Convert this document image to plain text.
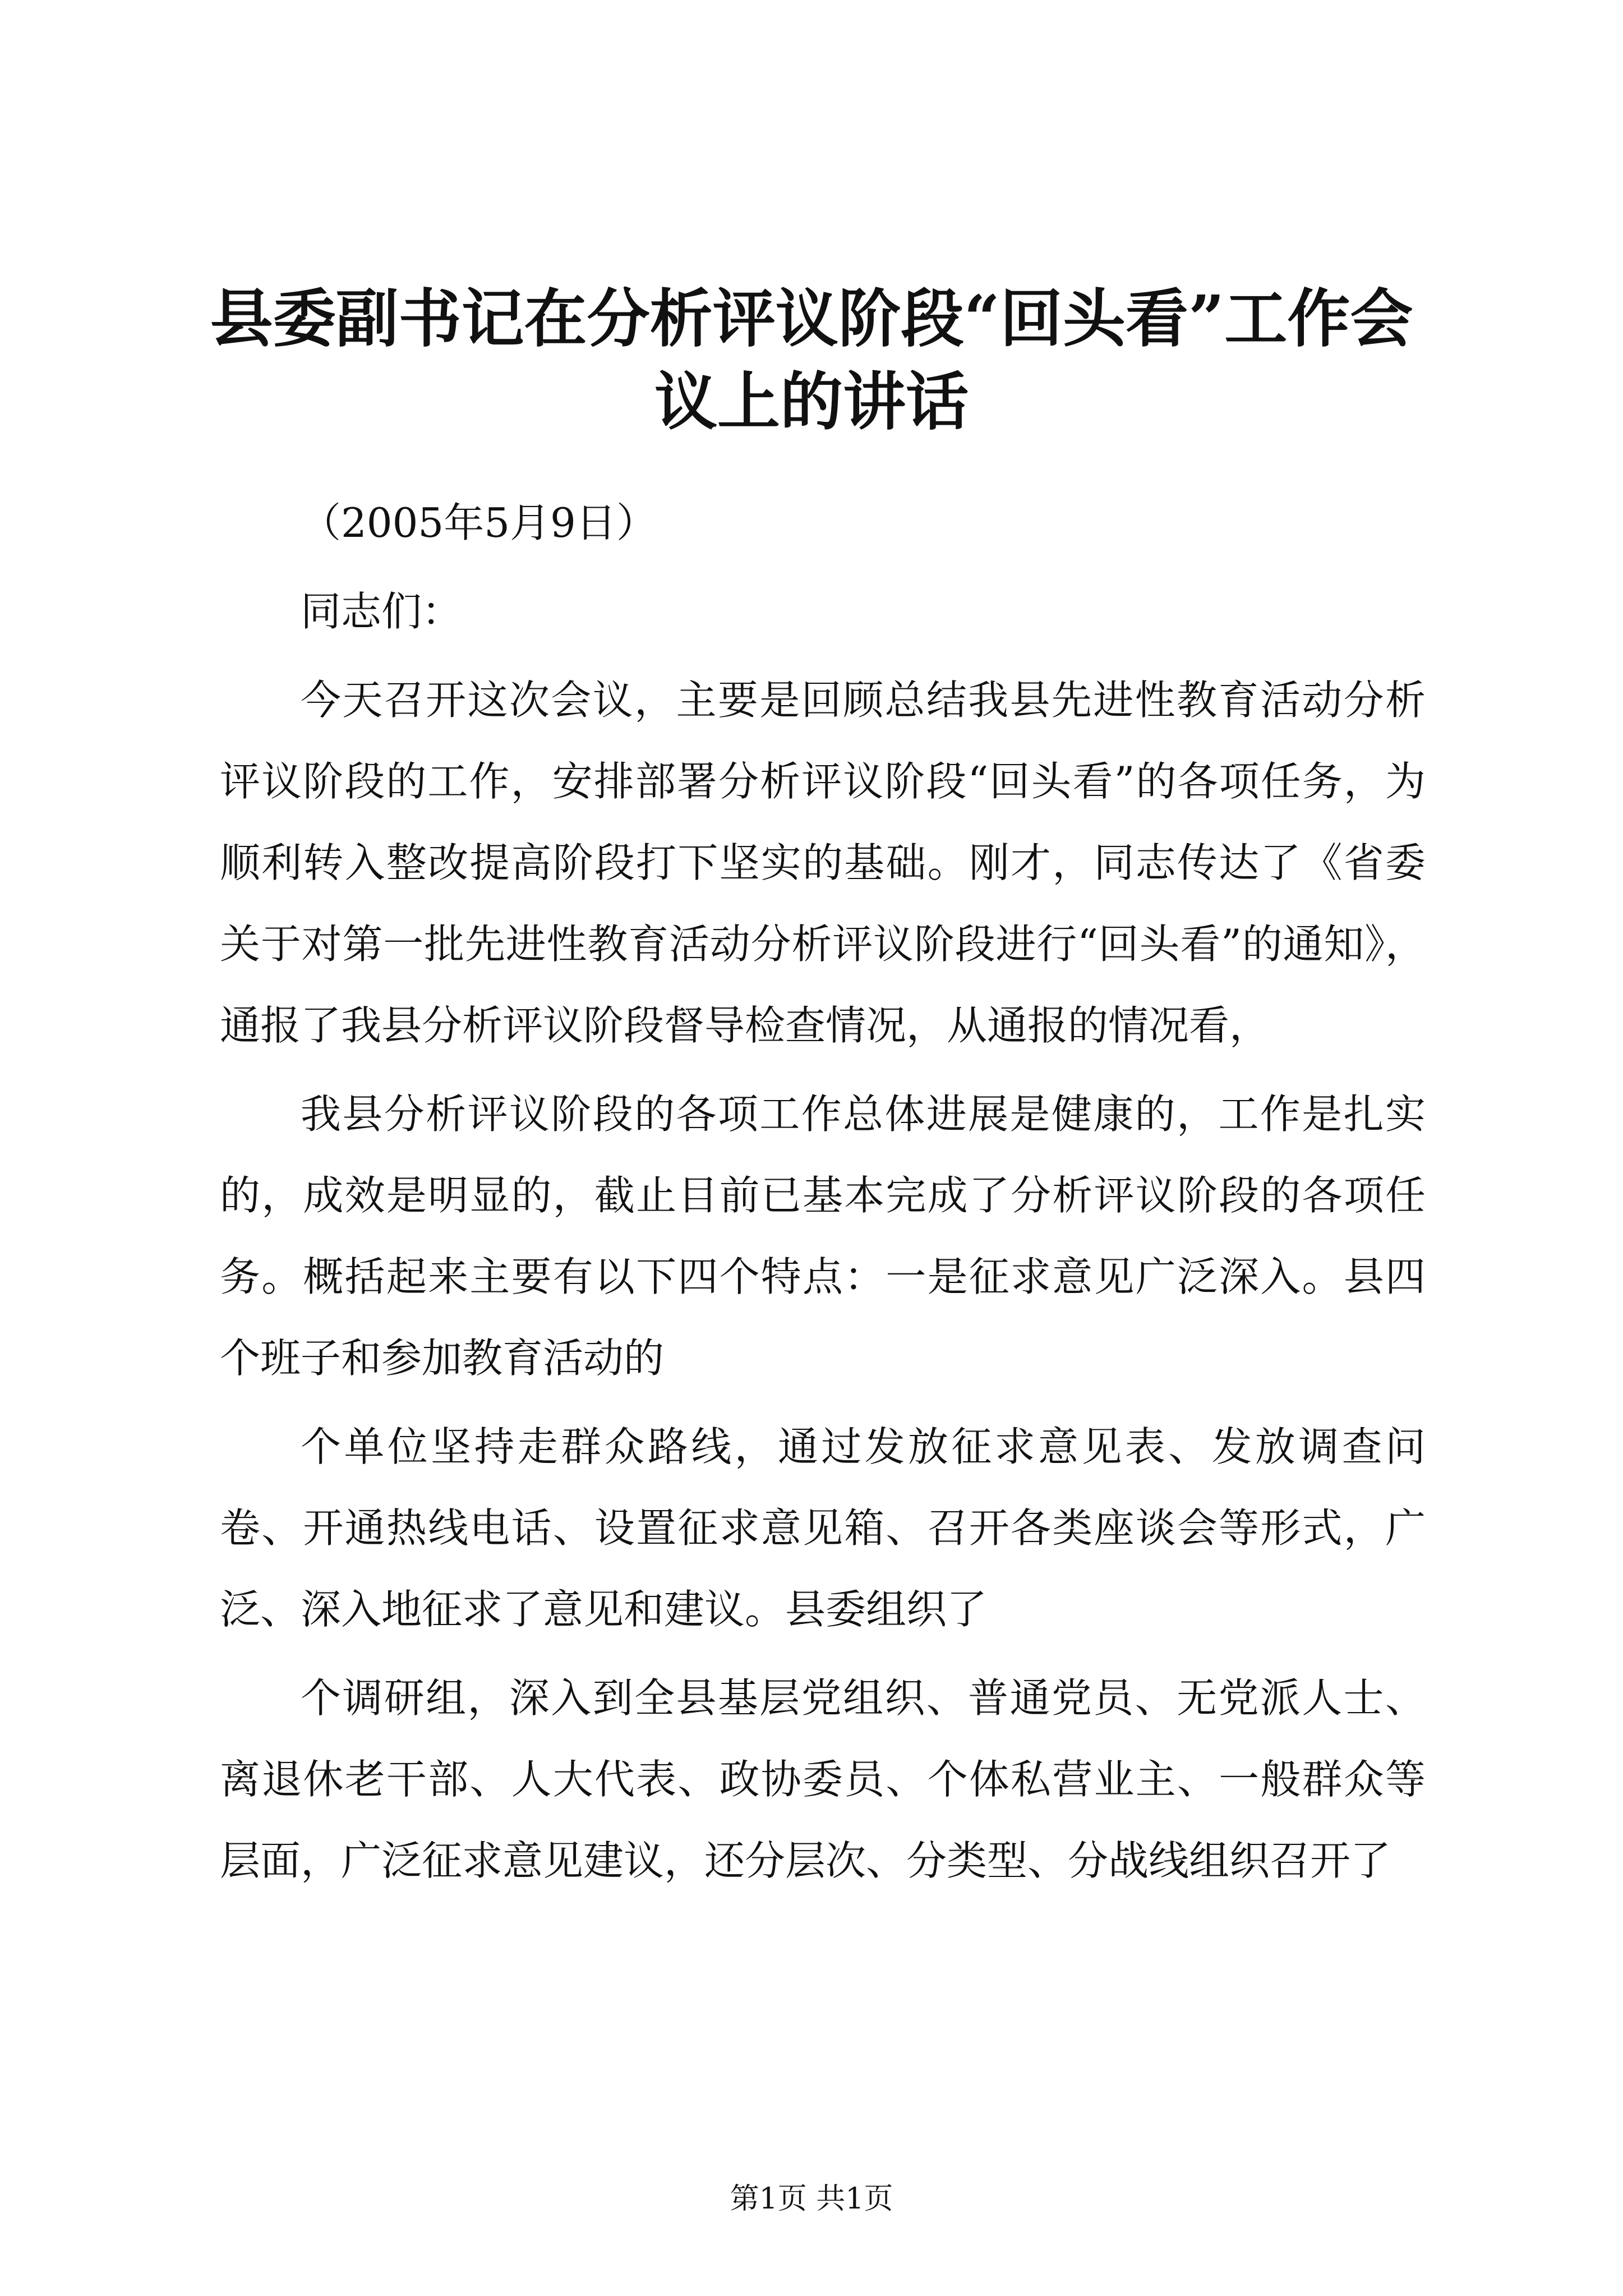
县委副书记在分析评议阶段“回头看”工作会议上的讲话

（2005年5月9日）

同志们：

今天召开这次会议，主要是回顾总结我县先进性教育活动分析评议阶段的工作，安排部署分析评议阶段“回头看”的各项任务，为顺利转入整改提高阶段打下坚实的基础。刚才，同志传达了《省委关于对第一批先进性教育活动分析评议阶段进行“回头看”的通知》，通报了我县分析评议阶段督导检查情况，从通报的情况看，

我县分析评议阶段的各项工作总体进展是健康的，工作是扎实的，成效是明显的，截止目前已基本完成了分析评议阶段的各项任务。概括起来主要有以下四个特点：一是征求意见广泛深入。县四个班子和参加教育活动的

个单位坚持走群众路线，通过发放征求意见表、发放调查问卷、开通热线电话、设置征求意见箱、召开各类座谈会等形式，广泛、深入地征求了意见和建议。县委组织了

个调研组，深入到全县基层党组织、普通党员、无党派人士、离退休老干部、人大代表、政协委员、个体私营业主、一般群众等层面，广泛征求意见建议，还分层次、分类型、分战线组织召开了

第1页 共1页
